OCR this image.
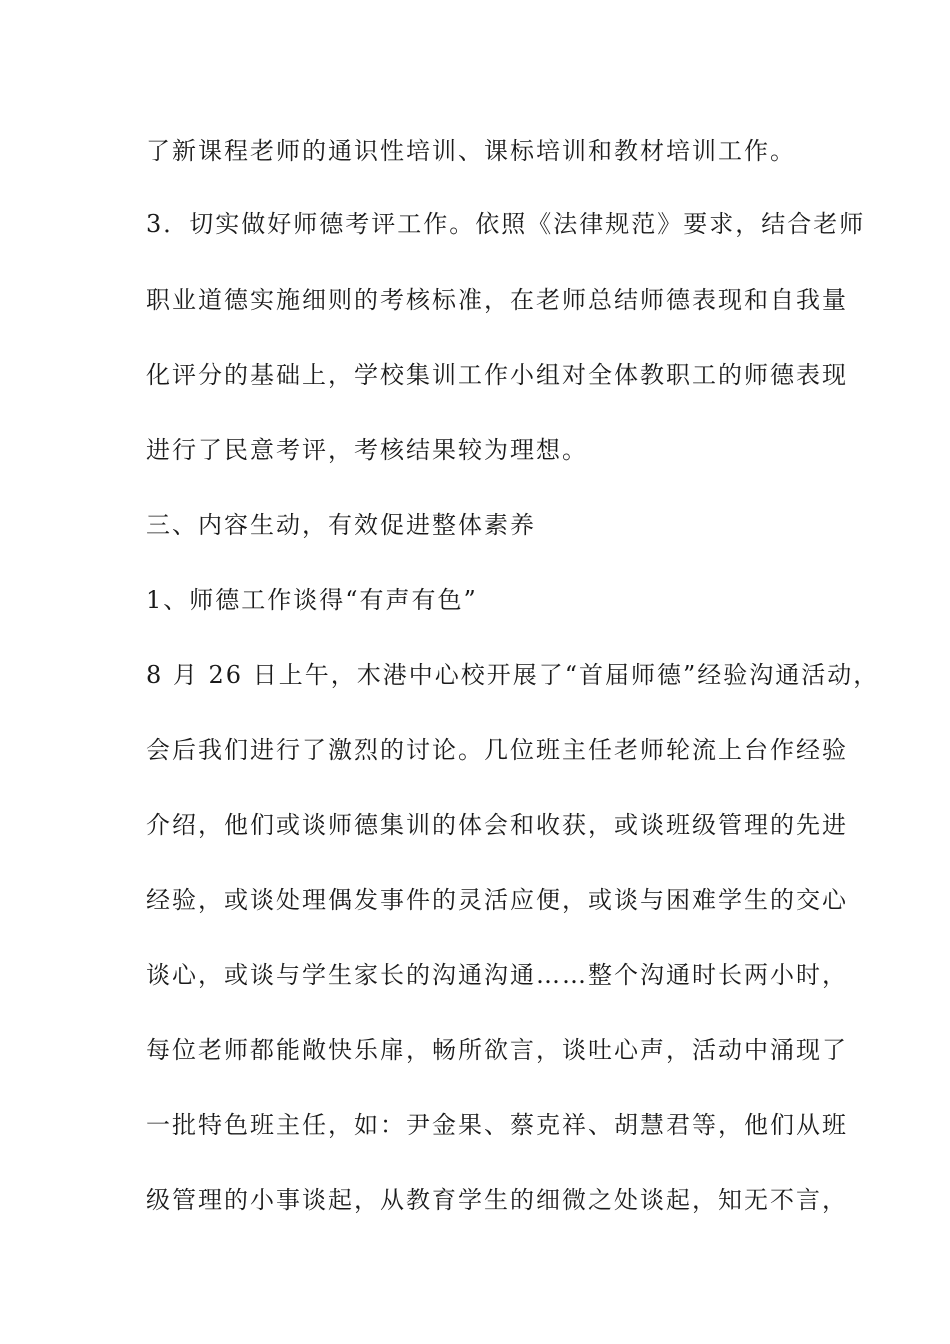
了新课程老师的通识性培训、课标培训和教材培训工作。
3．切实做好师德考评工作。依照《法律规范》要求，结合老师
职业道德实施细则的考核标准，在老师总结师德表现和自我量
化评分的基础上，学校集训工作小组对全体教职工的师德表现
进行了民意考评，考核结果较为理想。
三、内容生动，有效促进整体素养
1、师德工作谈得“有声有色”
8 月 26 日上午，木港中心校开展了“首届师德”经验沟通活动，
会后我们进行了激烈的讨论。几位班主任老师轮流上台作经验
介绍，他们或谈师德集训的体会和收获，或谈班级管理的先进
经验，或谈处理偶发事件的灵活应便，或谈与困难学生的交心
谈心，或谈与学生家长的沟通沟通……整个沟通时长两小时，
每位老师都能敞快乐扉，畅所欲言，谈吐心声，活动中涌现了
一批特色班主任，如：尹金果、蔡克祥、胡慧君等，他们从班
级管理的小事谈起，从教育学生的细微之处谈起，知无不言，
